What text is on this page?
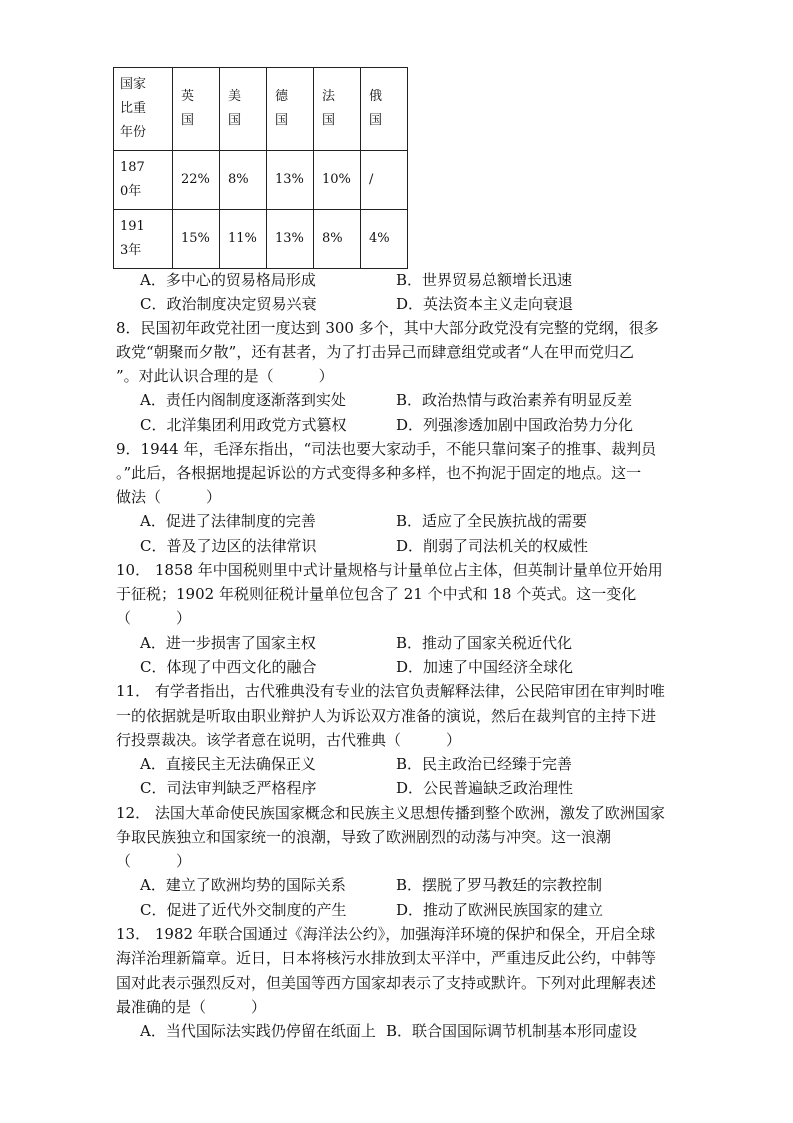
国家
比重
年份	英国	美国	德国	法国	俄国

1870年	22%	8%	13%	10%	/

1913年	15%	11%	13%	8%	4%
A．多中心的贸易格局形成	B．世界贸易总额增长迅速
C．政治制度决定贸易兴衰	D．英法资本主义走向衰退
8．民国初年政党社团一度达到 300 多个，其中大部分政党没有完整的党纲，很多
政党“朝聚而夕散”，还有甚者，为了打击异己而肆意组党或者“人在甲而党归乙
”。对此认识合理的是（　　　）
A．责任内阁制度逐渐落到实处	B．政治热情与政治素养有明显反差
C．北洋集团利用政党方式篡权	D．列强渗透加剧中国政治势力分化
9．1944 年，毛泽东指出，“司法也要大家动手，不能只靠问案子的推事、裁判员
。”此后，各根据地提起诉讼的方式变得多种多样，也不拘泥于固定的地点。这一
做法（　　　）
A．促进了法律制度的完善	B．适应了全民族抗战的需要
C．普及了边区的法律常识	D．削弱了司法机关的权威性
10． 1858 年中国税则里中式计量规格与计量单位占主体，但英制计量单位开始用
于征税；1902 年税则征税计量单位包含了 21 个中式和 18 个英式。这一变化
（　　　）
A．进一步损害了国家主权	B．推动了国家关税近代化
C．体现了中西文化的融合	D．加速了中国经济全球化
11． 有学者指出，古代雅典没有专业的法官负责解释法律，公民陪审团在审判时唯
一的依据就是听取由职业辩护人为诉讼双方准备的演说，然后在裁判官的主持下进
行投票裁决。该学者意在说明，古代雅典（　　　）
A．直接民主无法确保正义	B．民主政治已经臻于完善
C．司法审判缺乏严格程序	D．公民普遍缺乏政治理性
12． 法国大革命使民族国家概念和民族主义思想传播到整个欧洲，激发了欧洲国家
争取民族独立和国家统一的浪潮，导致了欧洲剧烈的动荡与冲突。这一浪潮
（　　　）
A．建立了欧洲均势的国际关系	B．摆脱了罗马教廷的宗教控制
C．促进了近代外交制度的产生	D．推动了欧洲民族国家的建立
13． 1982 年联合国通过《海洋法公约》，加强海洋环境的保护和保全，开启全球
海洋治理新篇章。近日，日本将核污水排放到太平洋中，严重违反此公约，中韩等
国对此表示强烈反对，但美国等西方国家却表示了支持或默许。下列对此理解表述
最准确的是（　　　）
A．当代国际法实践仍停留在纸面上 B．联合国国际调节机制基本形同虚设
